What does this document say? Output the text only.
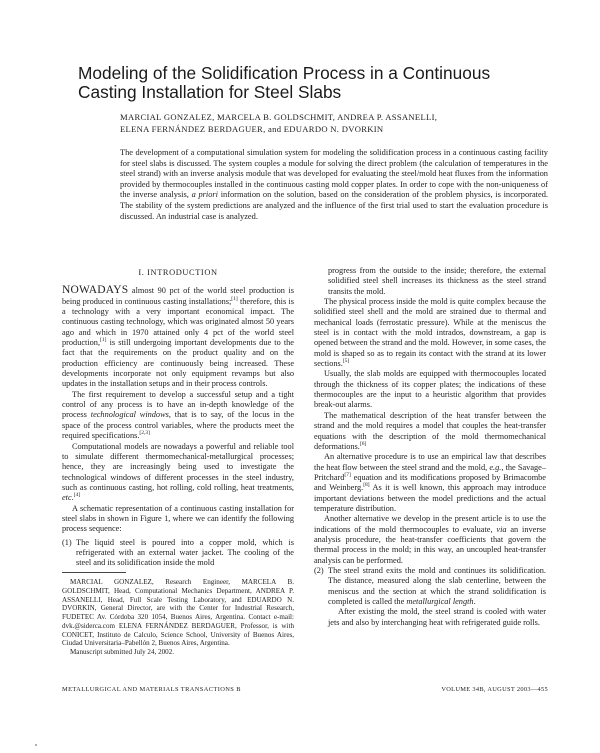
Modeling of the Solidification Process in a Continuous Casting Installation for Steel Slabs
MARCIAL GONZALEZ, MARCELA B. GOLDSCHMIT, ANDREA P. ASSANELLI,
ELENA FERNÁNDEZ BERDAGUER, and EDUARDO N. DVORKIN
The development of a computational simulation system for modeling the solidification process in a continuous casting facility for steel slabs is discussed. The system couples a module for solving the direct problem (the calculation of temperatures in the steel strand) with an inverse analysis module that was developed for evaluating the steel/mold heat fluxes from the information provided by thermocouples installed in the continuous casting mold copper plates. In order to cope with the non-uniqueness of the inverse analysis, a priori information on the solution, based on the consideration of the problem physics, is incorporated. The stability of the system predictions are analyzed and the influence of the first trial used to start the evaluation procedure is discussed. An industrial case is analyzed.
I. INTRODUCTION

NOWADAYS almost 90 pct of the world steel production is being produced in continuous casting installations;[1] therefore, this is a technology with a very important economical impact. The continuous casting technology, which was originated almost 50 years ago and which in 1970 attained only 4 pct of the world steel production,[1] is still undergoing important developments due to the fact that the requirements on the product quality and on the production efficiency are continuously being increased. These developments incorporate not only equipment revamps but also updates in the installation setups and in their process controls.

The first requirement to develop a successful setup and a tight control of any process is to have an in-depth knowledge of the process technological windows, that is to say, of the locus in the space of the process control variables, where the products meet the required specifications.[2,3]

Computational models are nowadays a powerful and reliable tool to simulate different thermomechanical-metallurgical processes; hence, they are increasingly being used to investigate the technological windows of different processes in the steel industry, such as continuous casting, hot rolling, cold rolling, heat treatments, etc.[4]

A schematic representation of a continuous casting installation for steel slabs in shown in Figure 1, where we can identify the following process sequence:

(1) The liquid steel is poured into a copper mold, which is refrigerated with an external water jacket. The cooling of the steel and its solidification inside the mold

MARCIAL GONZALEZ, Research Engineer, MARCELA B. GOLDSCHMIT, Head, Computational Mechanics Department, ANDREA P. ASSANELLI, Head, Full Scale Testing Laboratory, and EDUARDO N. DVORKIN, General Director, are with the Center for Industrial Research, FUDETEC Av. Córdoba 320 1054, Buenos Aires, Argentina. Contact e-mail: dvk.@siderca.com ELENA FERNÁNDEZ BERDAGUER, Professor, is with CONICET, Instituto de Calculo, Science School, University of Buenos Aires, Ciudad Universitaria–Pabellón 2, Buenos Aires, Argentina.

Manuscript submitted July 24, 2002.

progress from the outside to the inside; therefore, the external solidified steel shell increases its thickness as the steel strand transits the mold.

The physical process inside the mold is quite complex because the solidified steel shell and the mold are strained due to thermal and mechanical loads (ferrostatic pressure). While at the meniscus the steel is in contact with the mold intrados, downstream, a gap is opened between the strand and the mold. However, in some cases, the mold is shaped so as to regain its contact with the strand at its lower sections.[5]

Usually, the slab molds are equipped with thermocouples located through the thickness of its copper plates; the indications of these thermocouples are the input to a heuristic algorithm that provides break-out alarms.

The mathematical description of the heat transfer between the strand and the mold requires a model that couples the heat-transfer equations with the description of the mold thermomechanical deformations.[6]

An alternative procedure is to use an empirical law that describes the heat flow between the steel strand and the mold, e.g., the Savage–Pritchard[7] equation and its modifications proposed by Brimacombe and Weinberg.[8] As it is well known, this approach may introduce important deviations between the model predictions and the actual temperature distribution.

Another alternative we develop in the present article is to use the indications of the mold thermocouples to evaluate, via an inverse analysis procedure, the heat-transfer coefficients that govern the thermal process in the mold; in this way, an uncoupled heat-transfer analysis can be performed.

(2) The steel strand exits the mold and continues its solidification. The distance, measured along the slab centerline, between the meniscus and the section at which the strand solidification is completed is called the metallurgical length.

After existing the mold, the steel strand is cooled with water jets and also by interchanging heat with refrigerated guide rolls.

METALLURGICAL AND MATERIALS TRANSACTIONS B	VOLUME 34B, AUGUST 2003—455
